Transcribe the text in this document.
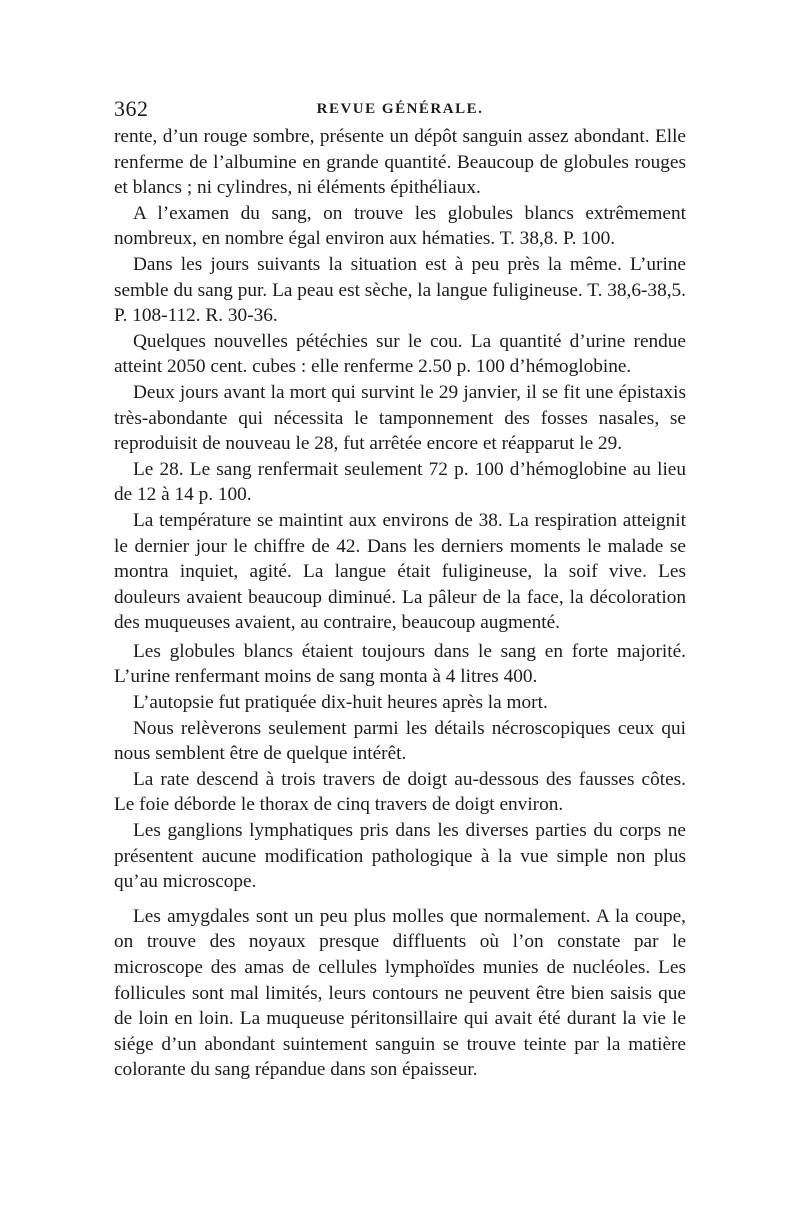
362	REVUE GÉNÉRALE.

rente, d’un rouge sombre, présente un dépôt sanguin assez abondant. Elle renferme de l’albumine en grande quantité. Beaucoup de globules rouges et blancs ; ni cylindres, ni éléments épithéliaux.

A l’examen du sang, on trouve les globules blancs extrêmement nombreux, en nombre égal environ aux hématies. T. 38,8. P. 100.

Dans les jours suivants la situation est à peu près la même. L’urine semble du sang pur. La peau est sèche, la langue fuligineuse. T. 38,6-38,5. P. 108-112. R. 30-36.

Quelques nouvelles pétéchies sur le cou. La quantité d’urine rendue atteint 2050 cent. cubes : elle renferme 2.50 p. 100 d’hémoglobine.

Deux jours avant la mort qui survint le 29 janvier, il se fit une épistaxis très-abondante qui nécessita le tamponnement des fosses nasales, se reproduisit de nouveau le 28, fut arrêtée encore et réapparut le 29.

Le 28. Le sang renfermait seulement 72 p. 100 d’hémoglobine au lieu de 12 à 14 p. 100.

La température se maintint aux environs de 38. La respiration atteignit le dernier jour le chiffre de 42. Dans les derniers moments le malade se montra inquiet, agité. La langue était fuligineuse, la soif vive. Les douleurs avaient beaucoup diminué. La pâleur de la face, la décoloration des muqueuses avaient, au contraire, beaucoup augmenté.

Les globules blancs étaient toujours dans le sang en forte majorité. L’urine renfermant moins de sang monta à 4 litres 400.

L’autopsie fut pratiquée dix-huit heures après la mort.

Nous relèverons seulement parmi les détails nécroscopiques ceux qui nous semblent être de quelque intérêt.

La rate descend à trois travers de doigt au-dessous des fausses côtes. Le foie déborde le thorax de cinq travers de doigt environ.

Les ganglions lymphatiques pris dans les diverses parties du corps ne présentent aucune modification pathologique à la vue simple non plus qu’au microscope.

Les amygdales sont un peu plus molles que normalement. A la coupe, on trouve des noyaux presque diffluents où l’on constate par le microscope des amas de cellules lymphoïdes munies de nucléoles. Les follicules sont mal limités, leurs contours ne peuvent être bien saisis que de loin en loin. La muqueuse péritonsillaire qui avait été durant la vie le siége d’un abondant suintement sanguin se trouve teinte par la matière colorante du sang répandue dans son épaisseur.
